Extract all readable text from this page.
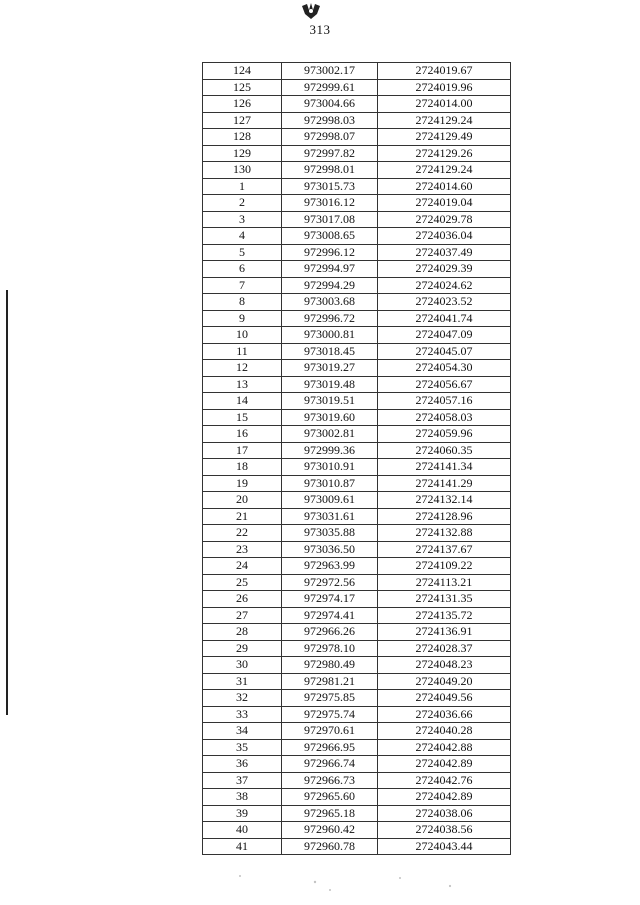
313
124	973002.17	2724019.67
125	972999.61	2724019.96
126	973004.66	2724014.00
127	972998.03	2724129.24
128	972998.07	2724129.49
129	972997.82	2724129.26
130	972998.01	2724129.24
1	973015.73	2724014.60
2	973016.12	2724019.04
3	973017.08	2724029.78
4	973008.65	2724036.04
5	972996.12	2724037.49
6	972994.97	2724029.39
7	972994.29	2724024.62
8	973003.68	2724023.52
9	972996.72	2724041.74
10	973000.81	2724047.09
11	973018.45	2724045.07
12	973019.27	2724054.30
13	973019.48	2724056.67
14	973019.51	2724057.16
15	973019.60	2724058.03
16	973002.81	2724059.96
17	972999.36	2724060.35
18	973010.91	2724141.34
19	973010.87	2724141.29
20	973009.61	2724132.14
21	973031.61	2724128.96
22	973035.88	2724132.88
23	973036.50	2724137.67
24	972963.99	2724109.22
25	972972.56	2724113.21
26	972974.17	2724131.35
27	972974.41	2724135.72
28	972966.26	2724136.91
29	972978.10	2724028.37
30	972980.49	2724048.23
31	972981.21	2724049.20
32	972975.85	2724049.56
33	972975.74	2724036.66
34	972970.61	2724040.28
35	972966.95	2724042.88
36	972966.74	2724042.89
37	972966.73	2724042.76
38	972965.60	2724042.89
39	972965.18	2724038.06
40	972960.42	2724038.56
41	972960.78	2724043.44
